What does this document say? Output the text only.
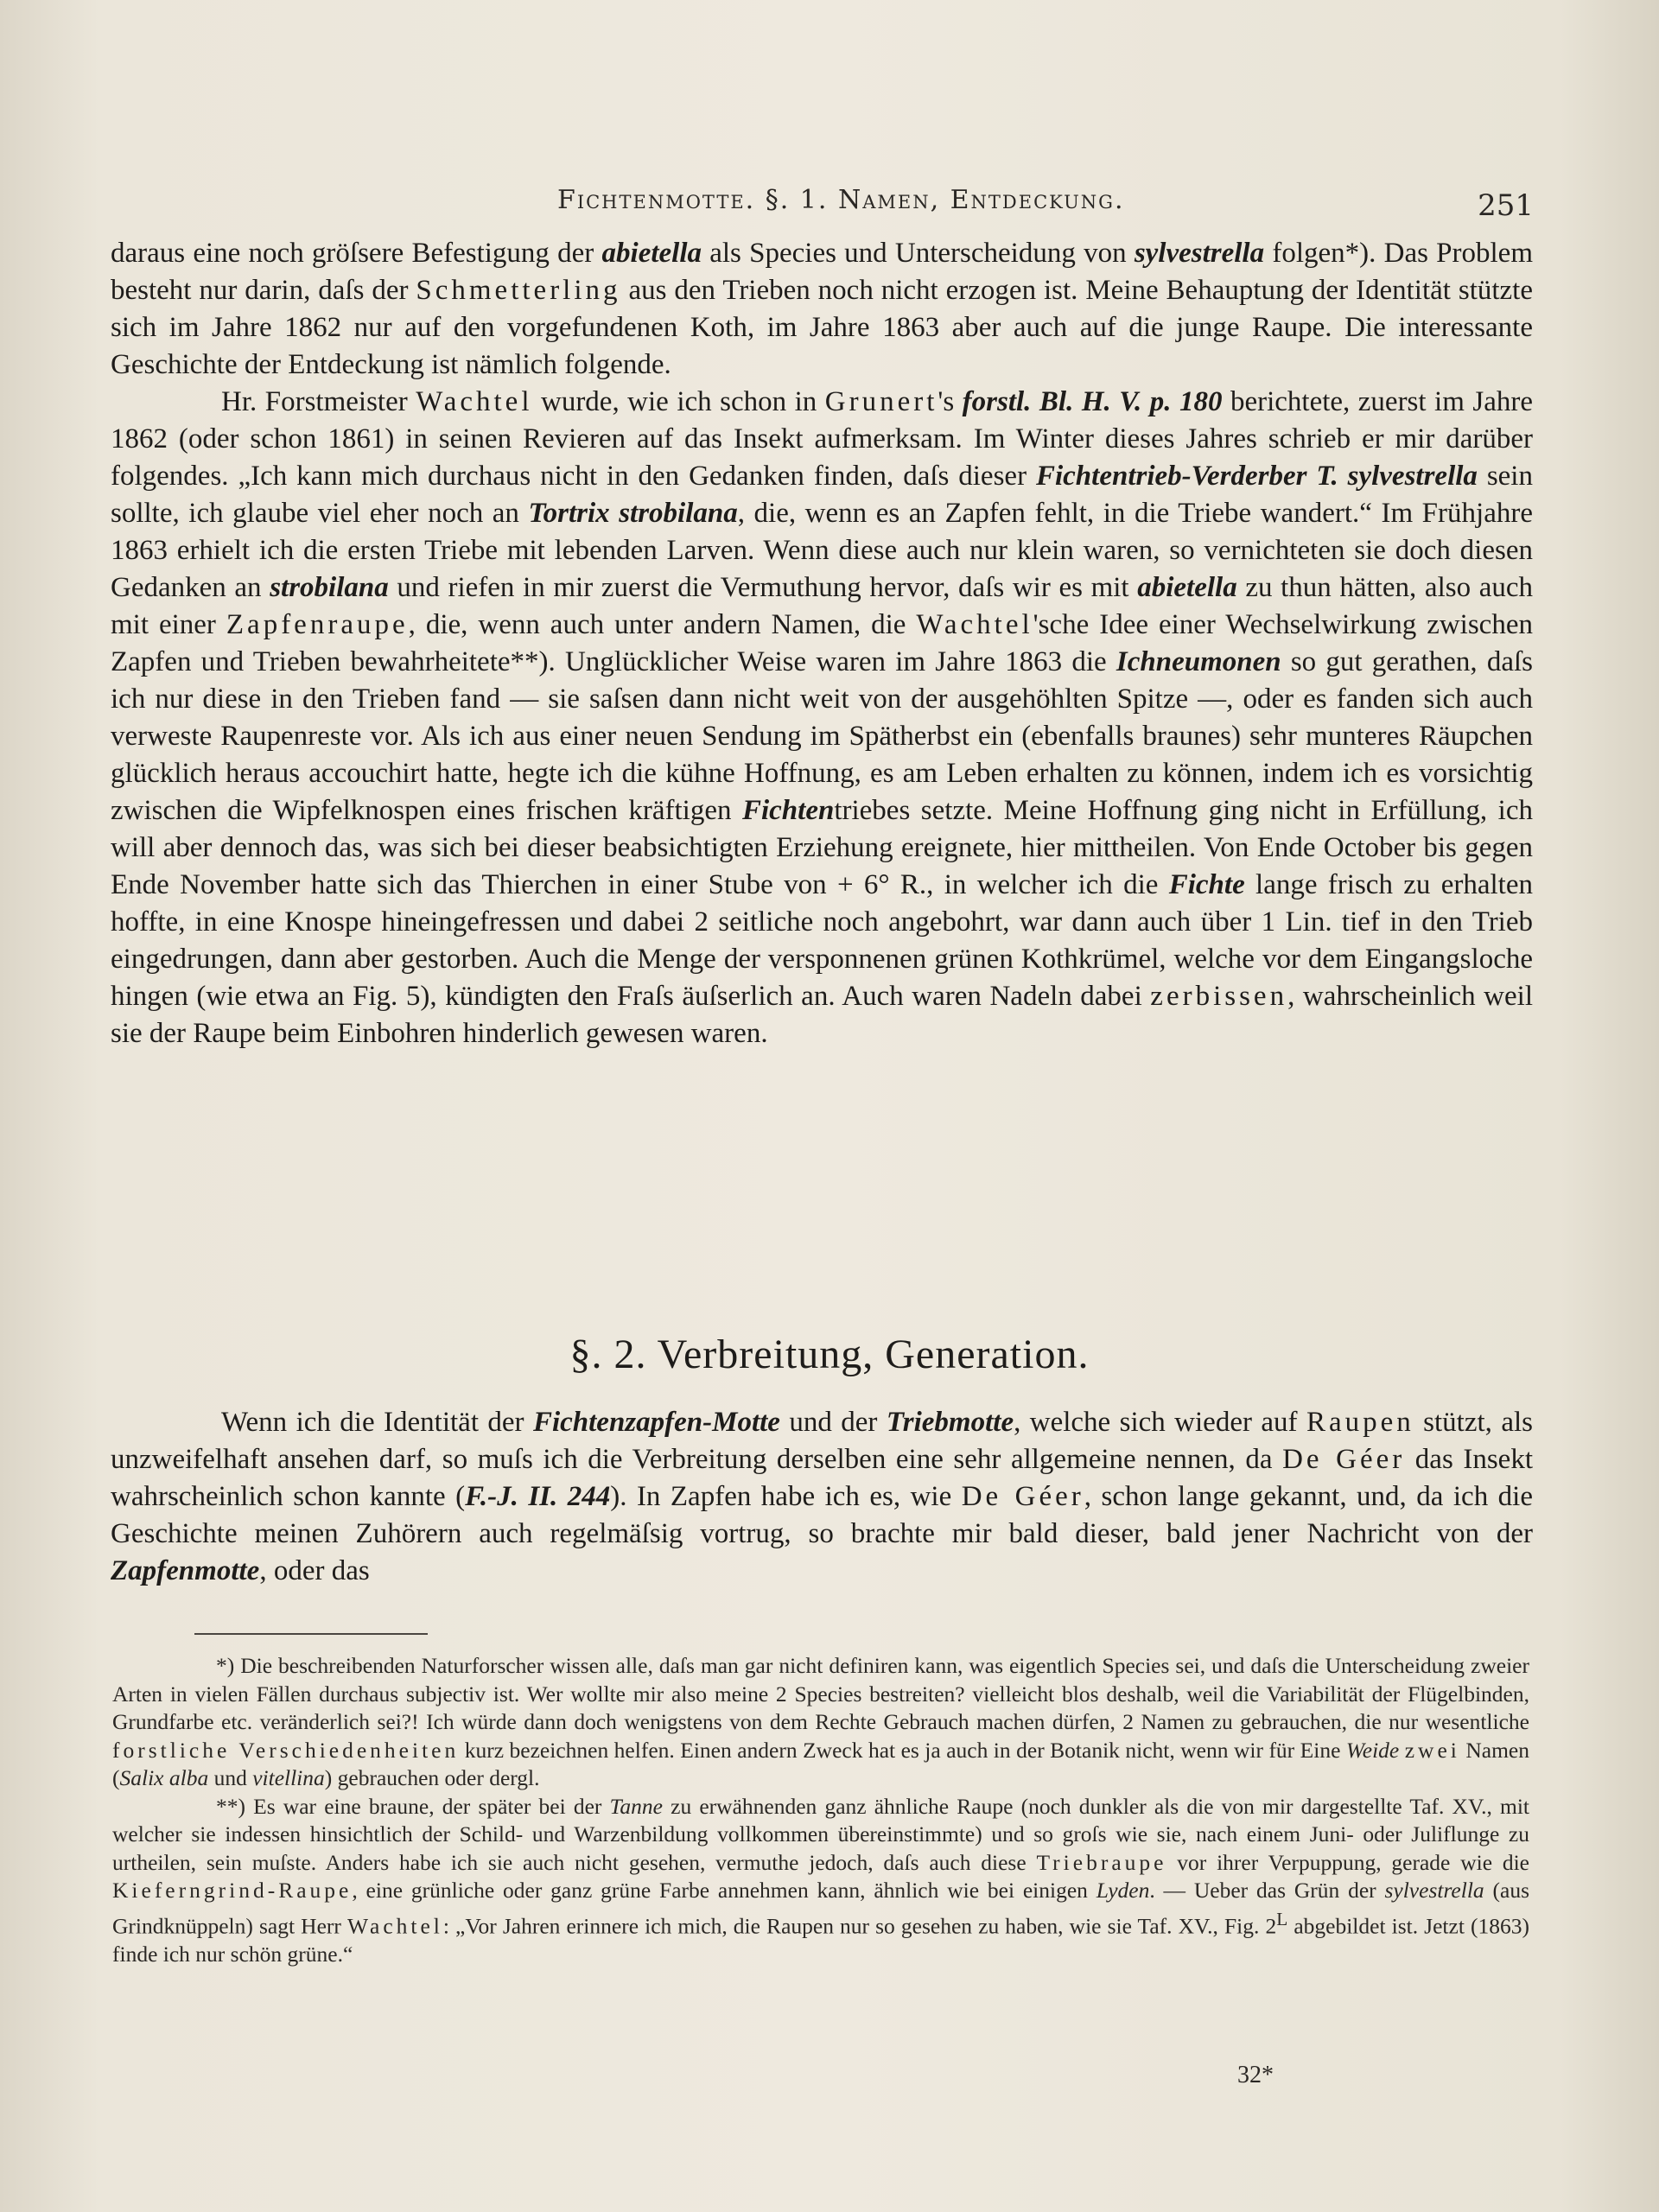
Fichtenmotte. §. 1. Namen, Entdeckung.	251

daraus eine noch gröſsere Befestigung der abietella als Species und Unterscheidung von sylvestrella folgen*). Das Problem besteht nur darin, daſs der Schmetterling aus den Trieben noch nicht erzogen ist. Meine Behauptung der Identität stützte sich im Jahre 1862 nur auf den vorgefundenen Koth, im Jahre 1863 aber auch auf die junge Raupe. Die interessante Geschichte der Entdeckung ist nämlich folgende.

Hr. Forstmeister Wachtel wurde, wie ich schon in Grunert's forstl. Bl. H. V. p. 180 berichtete, zuerst im Jahre 1862 (oder schon 1861) in seinen Revieren auf das Insekt aufmerksam. Im Winter dieses Jahres schrieb er mir darüber folgendes. „Ich kann mich durchaus nicht in den Gedanken finden, daſs dieser Fichtentrieb-Verderber T. sylvestrella sein sollte, ich glaube viel eher noch an Tortrix strobilana, die, wenn es an Zapfen fehlt, in die Triebe wandert.“ Im Frühjahre 1863 erhielt ich die ersten Triebe mit lebenden Larven. Wenn diese auch nur klein waren, so vernichteten sie doch diesen Gedanken an strobilana und riefen in mir zuerst die Vermuthung hervor, daſs wir es mit abietella zu thun hätten, also auch mit einer Zapfenraupe, die, wenn auch unter andern Namen, die Wachtel'sche Idee einer Wechselwirkung zwischen Zapfen und Trieben bewahrheitete**). Unglücklicher Weise waren im Jahre 1863 die Ichneumonen so gut gerathen, daſs ich nur diese in den Trieben fand — sie saſsen dann nicht weit von der ausgehöhlten Spitze —, oder es fanden sich auch verweste Raupenreste vor. Als ich aus einer neuen Sendung im Spätherbst ein (ebenfalls braunes) sehr munteres Räupchen glücklich heraus accouchirt hatte, hegte ich die kühne Hoffnung, es am Leben erhalten zu können, indem ich es vorsichtig zwischen die Wipfelknospen eines frischen kräftigen Fichtentriebes setzte. Meine Hoffnung ging nicht in Erfüllung, ich will aber dennoch das, was sich bei dieser beabsichtigten Erziehung ereignete, hier mittheilen. Von Ende October bis gegen Ende November hatte sich das Thierchen in einer Stube von + 6° R., in welcher ich die Fichte lange frisch zu erhalten hoffte, in eine Knospe hineingefressen und dabei 2 seitliche noch angebohrt, war dann auch über 1 Lin. tief in den Trieb eingedrungen, dann aber gestorben. Auch die Menge der versponnenen grünen Kothkrümel, welche vor dem Eingangsloche hingen (wie etwa an Fig. 5), kündigten den Fraſs äuſserlich an. Auch waren Nadeln dabei zerbissen, wahrscheinlich weil sie der Raupe beim Einbohren hinderlich gewesen waren.

§. 2. Verbreitung, Generation.

Wenn ich die Identität der Fichtenzapfen-Motte und der Triebmotte, welche sich wieder auf Raupen stützt, als unzweifelhaft ansehen darf, so muſs ich die Verbreitung derselben eine sehr allgemeine nennen, da De Géer das Insekt wahrscheinlich schon kannte (F.-J. II. 244). In Zapfen habe ich es, wie De Géer, schon lange gekannt, und, da ich die Geschichte meinen Zuhörern auch regelmäſsig vortrug, so brachte mir bald dieser, bald jener Nachricht von der Zapfenmotte, oder das

*) Die beschreibenden Naturforscher wissen alle, daſs man gar nicht definiren kann, was eigentlich Species sei, und daſs die Unterscheidung zweier Arten in vielen Fällen durchaus subjectiv ist. Wer wollte mir also meine 2 Species bestreiten? vielleicht blos deshalb, weil die Variabilität der Flügelbinden, Grundfarbe etc. veränderlich sei?! Ich würde dann doch wenigstens von dem Rechte Gebrauch machen dürfen, 2 Namen zu gebrauchen, die nur wesentliche forstliche Verschiedenheiten kurz bezeichnen helfen. Einen andern Zweck hat es ja auch in der Botanik nicht, wenn wir für Eine Weide zwei Namen (Salix alba und vitellina) gebrauchen oder dergl.

**) Es war eine braune, der später bei der Tanne zu erwähnenden ganz ähnliche Raupe (noch dunkler als die von mir dargestellte Taf. XV., mit welcher sie indessen hinsichtlich der Schild- und Warzenbildung vollkommen übereinstimmte) und so groſs wie sie, nach einem Juni- oder Juliflunge zu urtheilen, sein muſste. Anders habe ich sie auch nicht gesehen, vermuthe jedoch, daſs auch diese Triebraupe vor ihrer Verpuppung, gerade wie die Kieferngrind-Raupe, eine grünliche oder ganz grüne Farbe annehmen kann, ähnlich wie bei einigen Lyden. — Ueber das Grün der sylvestrella (aus Grindknüppeln) sagt Herr Wachtel: „Vor Jahren erinnere ich mich, die Raupen nur so gesehen zu haben, wie sie Taf. XV., Fig. $2^L$ abgebildet ist. Jetzt (1863) finde ich nur schön grüne.“

32*
